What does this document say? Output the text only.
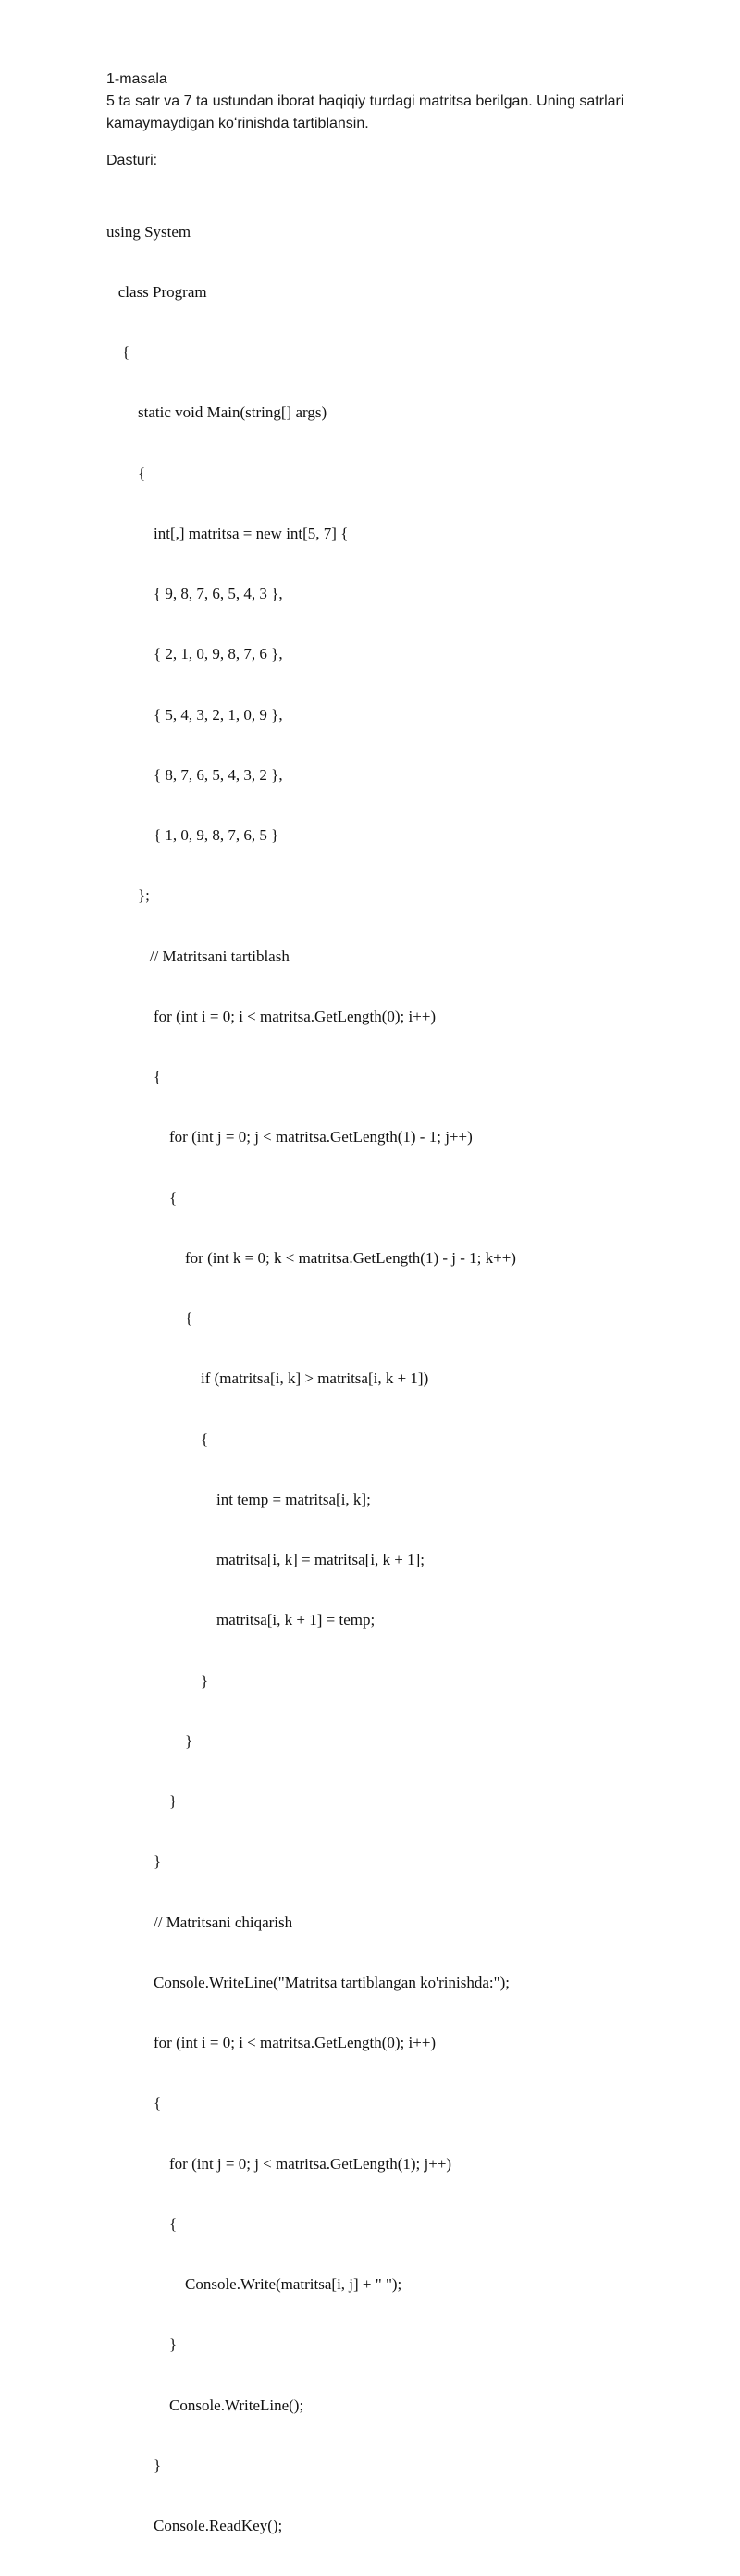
1-masala
5 ta satr va 7 ta ustundan iborat haqiqiy turdagi matritsa berilgan. Uning satrlari kamaymaydigan koʻrinishda tartiblansin.
Dasturi:

using System

class Program

{

static void Main(string[] args)

{

int[,] matritsa = new int[5, 7] {

{ 9, 8, 7, 6, 5, 4, 3 },

{ 2, 1, 0, 9, 8, 7, 6 },

{ 5, 4, 3, 2, 1, 0, 9 },

{ 8, 7, 6, 5, 4, 3, 2 },

{ 1, 0, 9, 8, 7, 6, 5 }

};

// Matritsani tartiblash

for (int i = 0; i < matritsa.GetLength(0); i++)

{

for (int j = 0; j < matritsa.GetLength(1) - 1; j++)

{

for (int k = 0; k < matritsa.GetLength(1) - j - 1; k++)

{

if (matritsa[i, k] > matritsa[i, k + 1])

{

int temp = matritsa[i, k];

matritsa[i, k] = matritsa[i, k + 1];

matritsa[i, k + 1] = temp;

}

}

}

}

// Matritsani chiqarish

Console.WriteLine("Matritsa tartiblangan ko'rinishda:");

for (int i = 0; i < matritsa.GetLength(0); i++)

{

for (int j = 0; j < matritsa.GetLength(1); j++)

{

Console.Write(matritsa[i, j] + " ");

}

Console.WriteLine();

}

Console.ReadKey();
